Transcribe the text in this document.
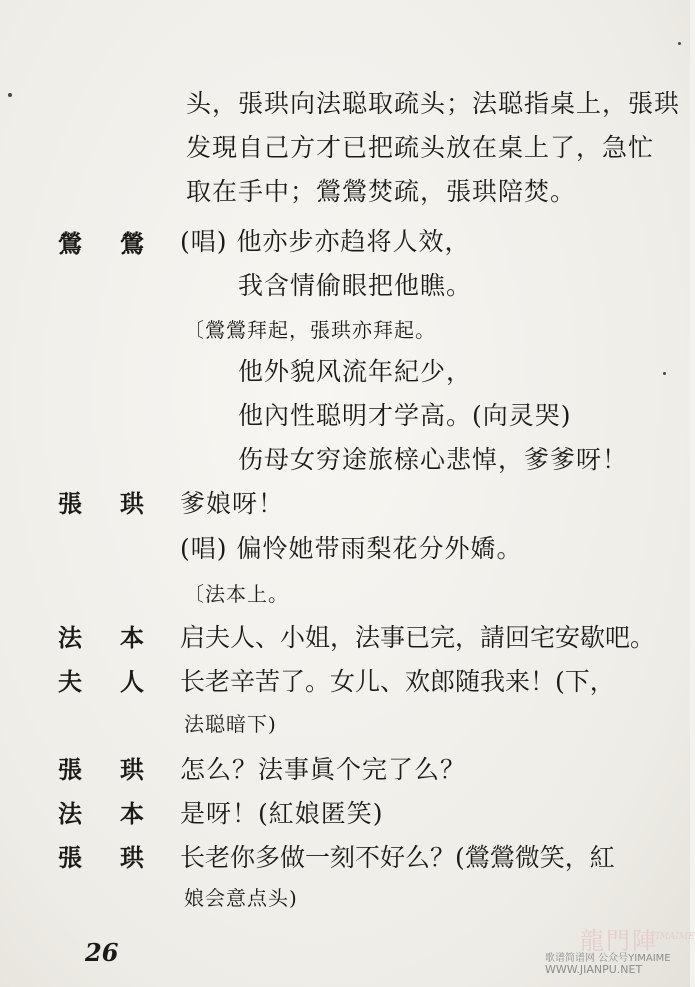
头，張珙向法聪取疏头；法聪指桌上，張珙
发現自己方才已把疏头放在桌上了，急忙
取在手中；鶯鶯焚疏，張珙陪焚。
鶯 鶯 (唱) 他亦步亦趋将人效，
我含情偷眼把他瞧。
〔鶯鶯拜起，張珙亦拜起。
他外貌风流年紀少，
他內性聪明才学高。(向灵哭)
伤母女穷途旅榇心悲悼，爹爹呀！
張 珙 爹娘呀！
(唱) 偏怜她带雨梨花分外嬌。
〔法本上。
法 本 启夫人、小姐，法事已完，請回宅安歇吧。
夫 人 长老辛苦了。女儿、欢郎随我来！(下，
法聪暗下)
張 珙 怎么？法事眞个完了么？
法 本 是呀！(紅娘匿笑)
張 珙 长老你多做一刻不好么？(鶯鶯微笑，紅
娘会意点头)
26	龍門陣
YIMAIME
歌谱简谱网 公众号YIMAIME
WWW.JIANPU.NET
